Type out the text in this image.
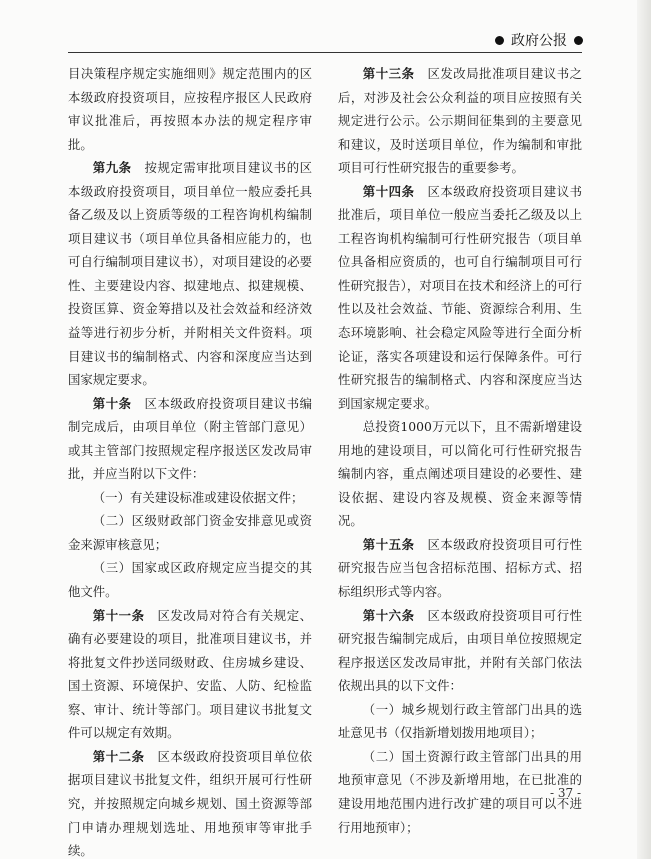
政府公报

目决策程序规定实施细则》规定范围内的区本级政府投资项目，应按程序报区人民政府审议批准后，再按照本办法的规定程序审批。

第九条　 按规定需审批项目建议书的区本级政府投资项目，项目单位一般应委托具备乙级及以上资质等级的工程咨询机构编制项目建议书（项目单位具备相应能力的，也可自行编制项目建议书），对项目建设的必要性、主要建设内容、拟建地点、拟建规模、投资匡算、资金筹措以及社会效益和经济效益等进行初步分析，并附相关文件资料。项目建议书的编制格式、内容和深度应当达到国家规定要求。

第十条　 区本级政府投资项目建议书编制完成后，由项目单位（附主管部门意见）或其主管部门按照规定程序报送区发改局审批，并应当附以下文件：

（一）有关建设标准或建设依据文件；

（二）区级财政部门资金安排意见或资金来源审核意见；

（三）国家或区政府规定应当提交的其他文件。

第十一条　 区发改局对符合有关规定、确有必要建设的项目，批准项目建议书，并将批复文件抄送同级财政、住房城乡建设、国土资源、环境保护、安监、人防、纪检监察、审计、统计等部门。项目建议书批复文件可以规定有效期。

第十二条　 区本级政府投资项目单位依据项目建议书批复文件，组织开展可行性研究，并按照规定向城乡规划、国土资源等部门申请办理规划选址、用地预审等审批手续。

第十三条　 区发改局批准项目建议书之后，对涉及社会公众利益的项目应按照有关规定进行公示。公示期间征集到的主要意见和建议，及时送项目单位，作为编制和审批项目可行性研究报告的重要参考。

第十四条　 区本级政府投资项目建议书批准后，项目单位一般应当委托乙级及以上工程咨询机构编制可行性研究报告（项目单位具备相应资质的，也可自行编制项目可行性研究报告），对项目在技术和经济上的可行性以及社会效益、节能、资源综合利用、生态环境影响、社会稳定风险等进行全面分析论证，落实各项建设和运行保障条件。可行性研究报告的编制格式、内容和深度应当达到国家规定要求。

总投资1000万元以下，且不需新增建设用地的建设项目，可以简化可行性研究报告编制内容，重点阐述项目建设的必要性、建设依据、建设内容及规模、资金来源等情况。

第十五条　 区本级政府投资项目可行性研究报告应当包含招标范围、招标方式、招标组织形式等内容。

第十六条　 区本级政府投资项目可行性研究报告编制完成后，由项目单位按照规定程序报送区发改局审批，并附有关部门依法依规出具的以下文件：

（一）城乡规划行政主管部门出具的选址意见书（仅指新增划拨用地项目）；

（二）国土资源行政主管部门出具的用地预审意见（不涉及新增用地，在已批准的建设用地范围内进行改扩建的项目可以不进行用地预审）；

- 37 -
